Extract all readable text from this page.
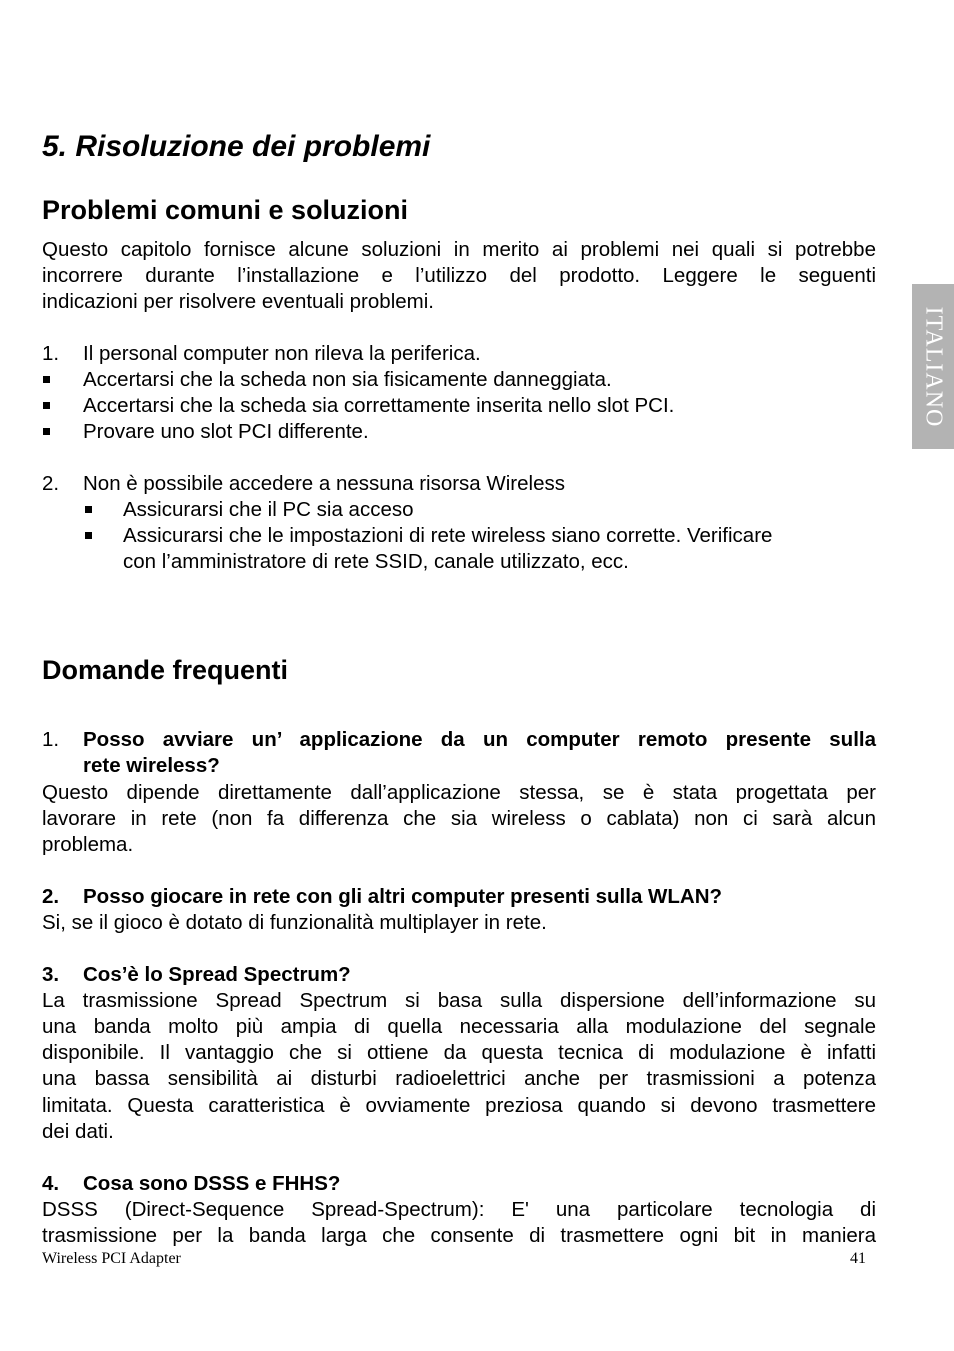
5. Risoluzione dei problemi
Problemi comuni e soluzioni
Questo capitolo fornisce alcune soluzioni in merito ai problemi nei quali si potrebbe
incorrere durante l’installazione e l’utilizzo del prodotto. Leggere le seguenti
indicazioni per risolvere eventuali problemi.
1. Il personal computer non rileva la periferica.
Accertarsi che la scheda non sia fisicamente danneggiata.
Accertarsi che la scheda sia correttamente inserita nello slot PCI.
Provare uno slot PCI differente.
2. Non è possibile accedere a nessuna risorsa Wireless
Assicurarsi che il PC sia acceso
Assicurarsi che le impostazioni di rete wireless siano corrette. Verificare
con l’amministratore di rete SSID, canale utilizzato, ecc.
Domande frequenti
1. Posso avviare un’ applicazione da un computer remoto presente sulla
rete wireless?
Questo dipende direttamente dall’applicazione stessa, se è stata progettata per
lavorare in rete (non fa differenza che sia wireless o cablata) non ci sarà alcun
problema.
2. Posso giocare in rete con gli altri computer presenti sulla WLAN?
Si, se il gioco è dotato di funzionalità multiplayer in rete.
3. Cos’è lo Spread Spectrum?
La trasmissione Spread Spectrum si basa sulla dispersione dell’informazione su
una banda molto più ampia di quella necessaria alla modulazione del segnale
disponibile. Il vantaggio che si ottiene da questa tecnica di modulazione è infatti
una bassa sensibilità ai disturbi radioelettrici anche per trasmissioni a potenza
limitata. Questa caratteristica è ovviamente preziosa quando si devono trasmettere
dei dati.
4. Cosa sono DSSS e FHHS?
DSSS (Direct-Sequence Spread-Spectrum): E' una particolare tecnologia di
trasmissione per la banda larga che consente di trasmettere ogni bit in maniera
ITALIANO
Wireless PCI Adapter	41
